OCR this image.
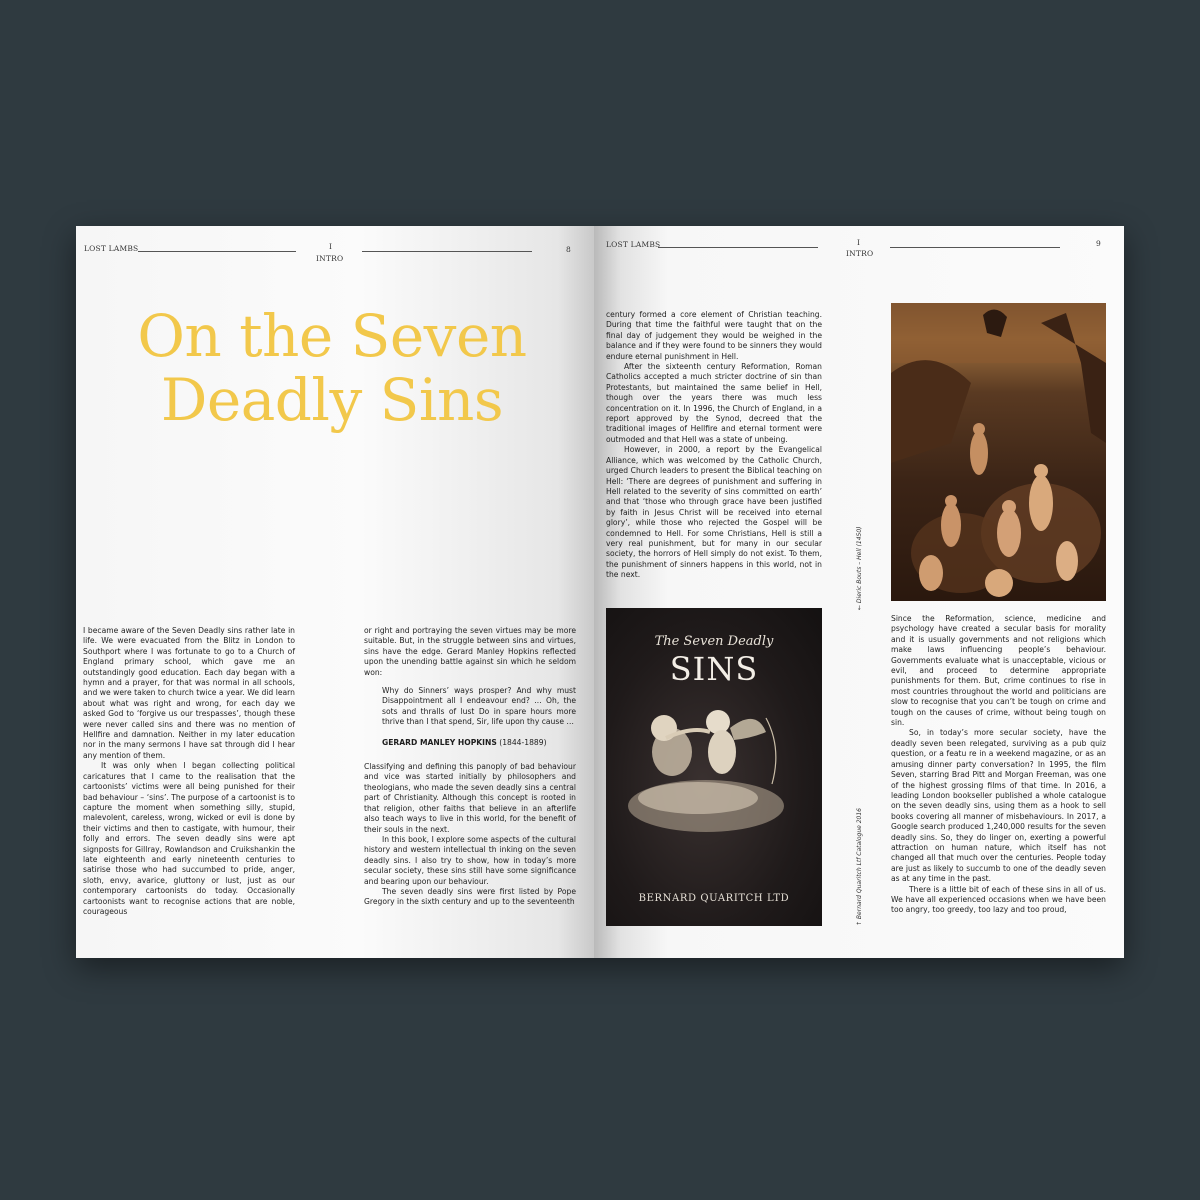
LOST LAMBS	I
INTRO
8
On the Seven
Deadly Sins

I became aware of the Seven Deadly sins rather late in life. We were evacuated from the Blitz in London to Southport where I was fortunate to go to a Church of England primary school, which gave me an outstandingly good education. Each day began with a hymn and a prayer, for that was normal in all schools, and we were taken to church twice a year. We did learn about what was right and wrong, for each day we asked God to ‘forgive us our trespasses’, though these were never called sins and there was no mention of Hellfire and damnation. Neither in my later education nor in the many sermons I have sat through did I hear any mention of them.

It was only when I began collecting political caricatures that I came to the realisation that the cartoonists’ victims were all being punished for their bad behaviour – ‘sins’. The purpose of a cartoonist is to capture the moment when something silly, stupid, malevolent, careless, wrong, wicked or evil is done by their victims and then to castigate, with humour, their folly and errors. The seven deadly sins were apt signposts for Gillray, Rowlandson and Cruikshankin the late eighteenth and early nineteenth centuries to satirise those who had succumbed to pride, anger, sloth, envy, avarice, gluttony or lust, just as our contemporary cartoonists do today. Occasionally cartoonists want to recognise actions that are noble, courageous

or right and portraying the seven virtues may be more suitable. But, in the struggle between sins and virtues, sins have the edge. Gerard Manley Hopkins reflected upon the unending battle against sin which he seldom won:

Why do Sinners’ ways prosper? And why must Disappointment all I endeavour end? … Oh, the sots and thralls of lust Do in spare hours more thrive than I that spend, Sir, life upon thy cause …

GERARD MANLEY HOPKINS (1844-1889)

Classifying and defining this panoply of bad behaviour and vice was started initially by philosophers and theologians, who made the seven deadly sins a central part of Christianity. Although this concept is rooted in that religion, other faiths that believe in an afterlife also teach ways to live in this world, for the benefit of their souls in the next.

In this book, I explore some aspects of the cultural history and western intellectual th inking on the seven deadly sins. I also try to show, how in today’s more secular society, these sins still have some significance and bearing upon our behaviour.

The seven deadly sins were first listed by Pope Gregory in the sixth century and up to the seventeenth

LOST LAMBS	I
INTRO
9

century formed a core element of Christian teaching. During that time the faithful were taught that on the final day of judgement they would be weighed in the balance and if they were found to be sinners they would endure eternal punishment in Hell.

After the sixteenth century Reformation, Roman Catholics accepted a much stricter doctrine of sin than Protestants, but maintained the same belief in Hell, though over the years there was much less concentration on it. In 1996, the Church of England, in a report approved by the Synod, decreed that the traditional images of Hellfire and eternal torment were outmoded and that Hell was a state of unbeing.

However, in 2000, a report by the Evangelical Alliance, which was welcomed by the Catholic Church, urged Church leaders to present the Biblical teaching on Hell: ‘There are degrees of punishment and suffering in Hell related to the severity of sins committed on earth’ and that ‘those who through grace have been justified by faith in Jesus Christ will be received into eternal glory’, while those who rejected the Gospel will be condemned to Hell. For some Christians, Hell is still a very real punishment, but for many in our secular society, the horrors of Hell simply do not exist. To them, the punishment of sinners happens in this world, not in the next.

The Seven Deadly
SINS
BERNARD QUARITCH LTD
← Dieric Bouts – Hell (1450)
↑ Bernard Quaritch Ltf Catalogue 2016

Since the Reformation, science, medicine and psychology have created a secular basis for morality and it is usually governments and not religions which make laws influencing people’s behaviour. Governments evaluate what is unacceptable, vicious or evil, and proceed to determine appropriate punishments for them. But, crime continues to rise in most countries throughout the world and politicians are slow to recognise that you can’t be tough on crime and tough on the causes of crime, without being tough on sin.

So, in today’s more secular society, have the deadly seven been relegated, surviving as a pub quiz question, or a featu re in a weekend magazine, or as an amusing dinner party conversation? In 1995, the film Seven, starring Brad Pitt and Morgan Freeman, was one of the highest grossing films of that time. In 2016, a leading London bookseller published a whole catalogue on the seven deadly sins, using them as a hook to sell books covering all manner of misbehaviours. In 2017, a Google search produced 1,240,000 results for the seven deadly sins. So, they do linger on, exerting a powerful attraction on human nature, which itself has not changed all that much over the centuries. People today are just as likely to succumb to one of the deadly seven as at any time in the past.

There is a little bit of each of these sins in all of us. We have all experienced occasions when we have been too angry, too greedy, too lazy and too proud,
